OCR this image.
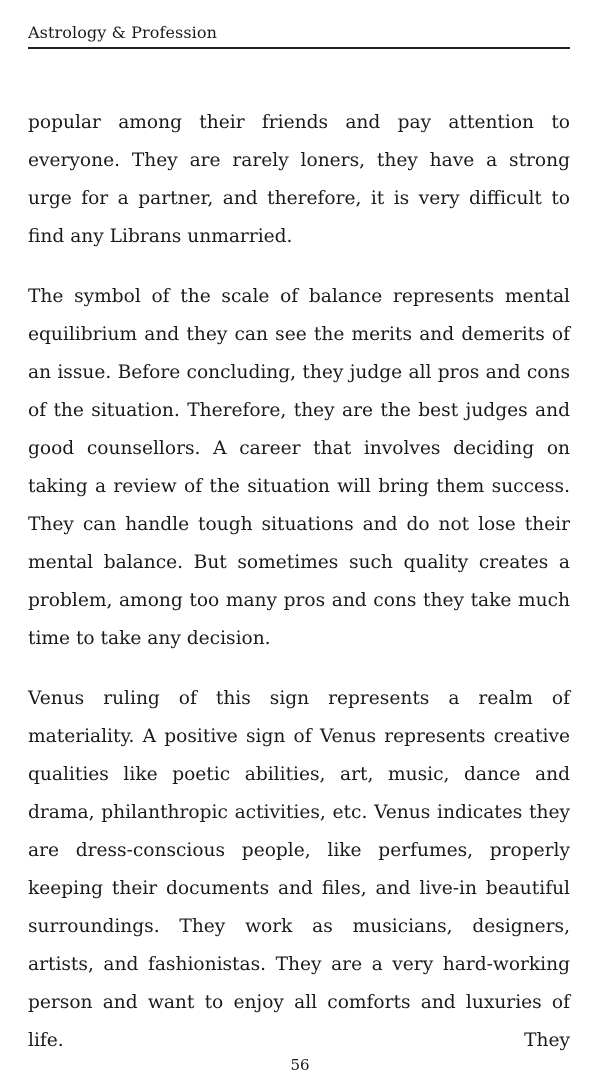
Astrology & Profession

popular among their friends and pay attention to everyone. They are rarely loners, they have a strong urge for a partner, and therefore, it is very difficult to find any Librans unmarried.

The symbol of the scale of balance represents mental equilibrium and they can see the merits and demerits of an issue. Before concluding, they judge all pros and cons of the situation. Therefore, they are the best judges and good counsellors. A career that involves deciding on taking a review of the situation will bring them success. They can handle tough situations and do not lose their mental balance. But sometimes such quality creates a problem, among too many pros and cons they take much time to take any decision.

Venus ruling of this sign represents a realm of materiality. A positive sign of Venus represents creative qualities like poetic abilities, art, music, dance and drama, philanthropic activities, etc. Venus indicates they are dress-conscious people, like perfumes, properly keeping their documents and files, and live-in beautiful surroundings. They work as musicians, designers, artists, and fashionistas. They are a very hard-working person and want to enjoy all comforts and luxuries of life. They

56
